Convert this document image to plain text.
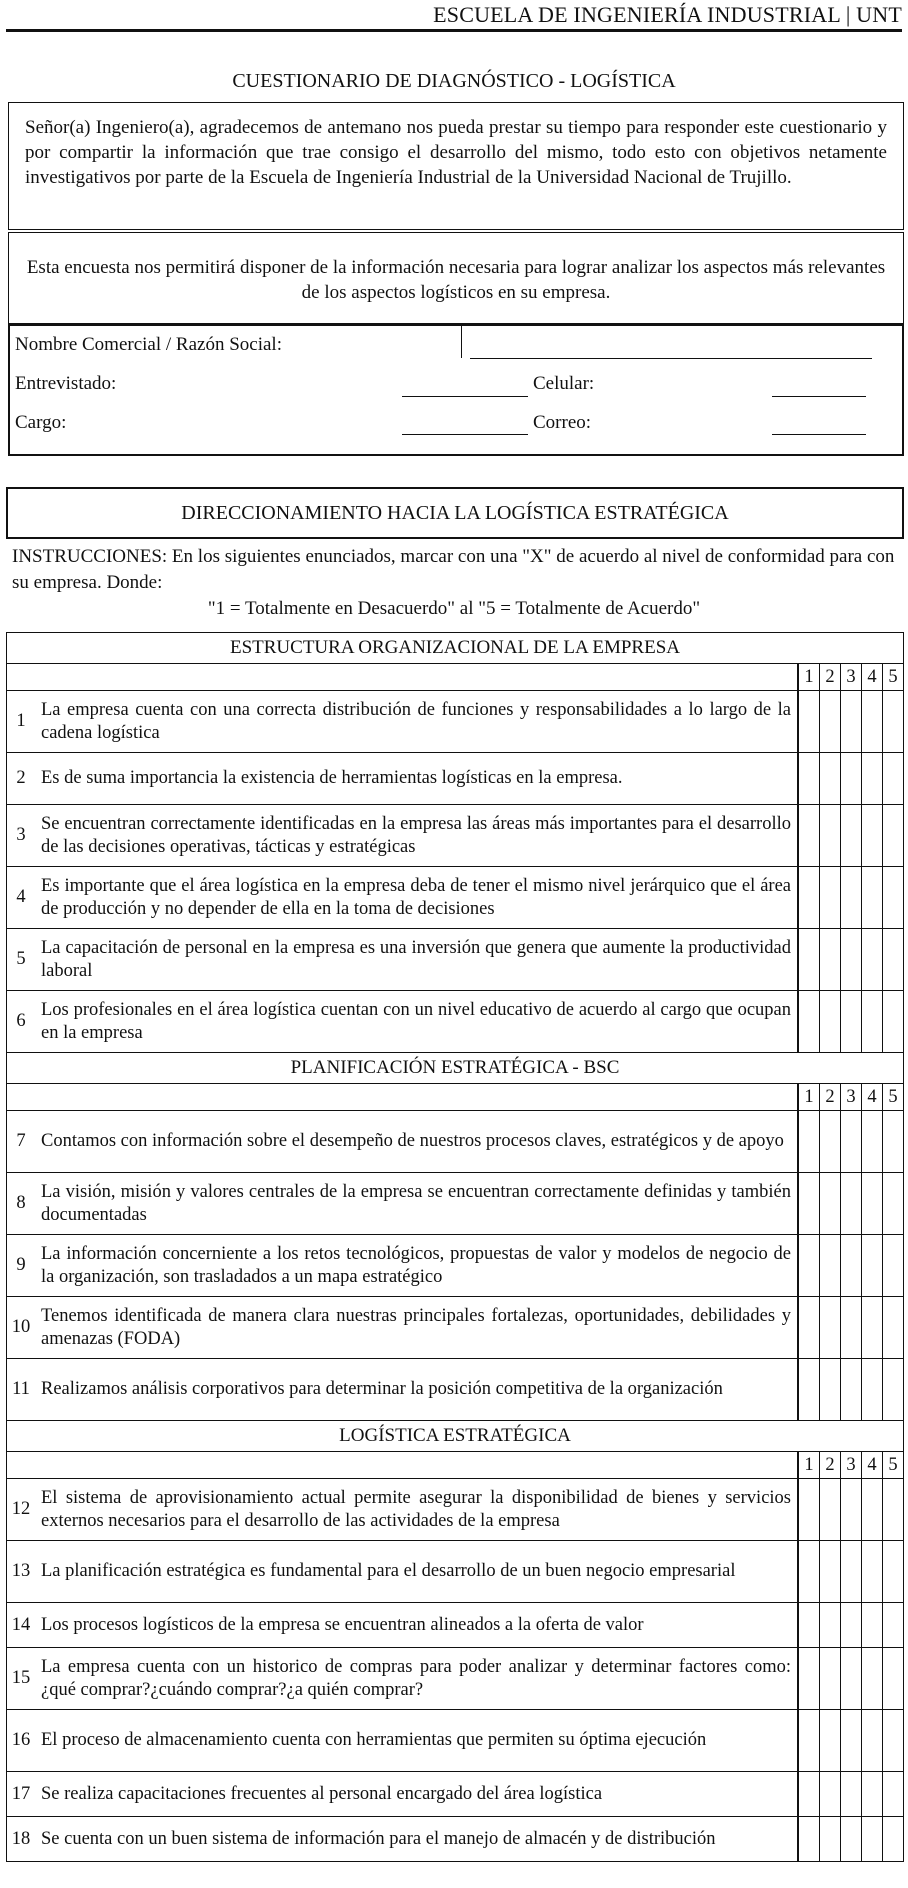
ESCUELA DE INGENIERÍA INDUSTRIAL | UNT
CUESTIONARIO DE DIAGNÓSTICO - LOGÍSTICA
Señor(a) Ingeniero(a), agradecemos de antemano nos pueda prestar su tiempo para responder este cuestionario y por compartir la información que trae consigo el desarrollo del mismo, todo esto con objetivos netamente investigativos por parte de la Escuela de Ingeniería Industrial de la Universidad Nacional de Trujillo.
Esta encuesta nos permitirá disponer de la información necesaria para lograr analizar los aspectos más relevantes de los aspectos logísticos en su empresa.
Nombre Comercial / Razón Social:
Entrevistado:	Celular:
Cargo:	Correo:
DIRECCIONAMIENTO HACIA LA LOGÍSTICA ESTRATÉGICA
INSTRUCCIONES: En los siguientes enunciados, marcar con una "X" de acuerdo al nivel de conformidad para con su empresa. Donde:
"1 = Totalmente en Desacuerdo" al "5 = Totalmente de Acuerdo"
ESTRUCTURA ORGANIZACIONAL DE LA EMPRESA						
		1	2	3	4	5
1	La empresa cuenta con una correcta distribución de funciones y responsabilidades a lo largo de la cadena logística					
2	Es de suma importancia la existencia de herramientas logísticas en la empresa.					
3	Se encuentran correctamente identificadas en la empresa las áreas más importantes para el desarrollo de las decisiones operativas, tácticas y estratégicas					
4	Es importante que el área logística en la empresa deba de tener el mismo nivel jerárquico que el área de producción y no depender de ella en la toma de decisiones					
5	La capacitación de personal en la empresa es una inversión que genera que aumente la productividad laboral					
6	Los profesionales en el área logística cuentan con un nivel educativo de acuerdo al cargo que ocupan en la empresa					
PLANIFICACIÓN ESTRATÉGICA - BSC						
		1	2	3	4	5
7	Contamos con información sobre el desempeño de nuestros procesos claves, estratégicos y de apoyo					
8	La visión, misión y valores centrales de la empresa se encuentran correctamente definidas y también documentadas					
9	La información concerniente a los retos tecnológicos, propuestas de valor y modelos de negocio de la organización, son trasladados a un mapa estratégico					
10	Tenemos identificada de manera clara nuestras principales fortalezas, oportunidades, debilidades y amenazas (FODA)					
11	Realizamos análisis corporativos para determinar la posición competitiva de la organización					
LOGÍSTICA ESTRATÉGICA						
		1	2	3	4	5
12	El sistema de aprovisionamiento actual permite asegurar la disponibilidad de bienes y servicios externos necesarios para el desarrollo de las actividades de la empresa					
13	La planificación estratégica es fundamental para el desarrollo de un buen negocio empresarial					
14	Los procesos logísticos de la empresa se encuentran alineados a la oferta de valor					
15	La empresa cuenta con un historico de compras para poder analizar y determinar factores como: ¿qué comprar?¿cuándo comprar?¿a quién comprar?					
16	El proceso de almacenamiento cuenta con herramientas que permiten su óptima ejecución					
17	Se realiza capacitaciones frecuentes al personal encargado del área logística					
18	Se cuenta con un buen sistema de información para el manejo de almacén y de distribución					
